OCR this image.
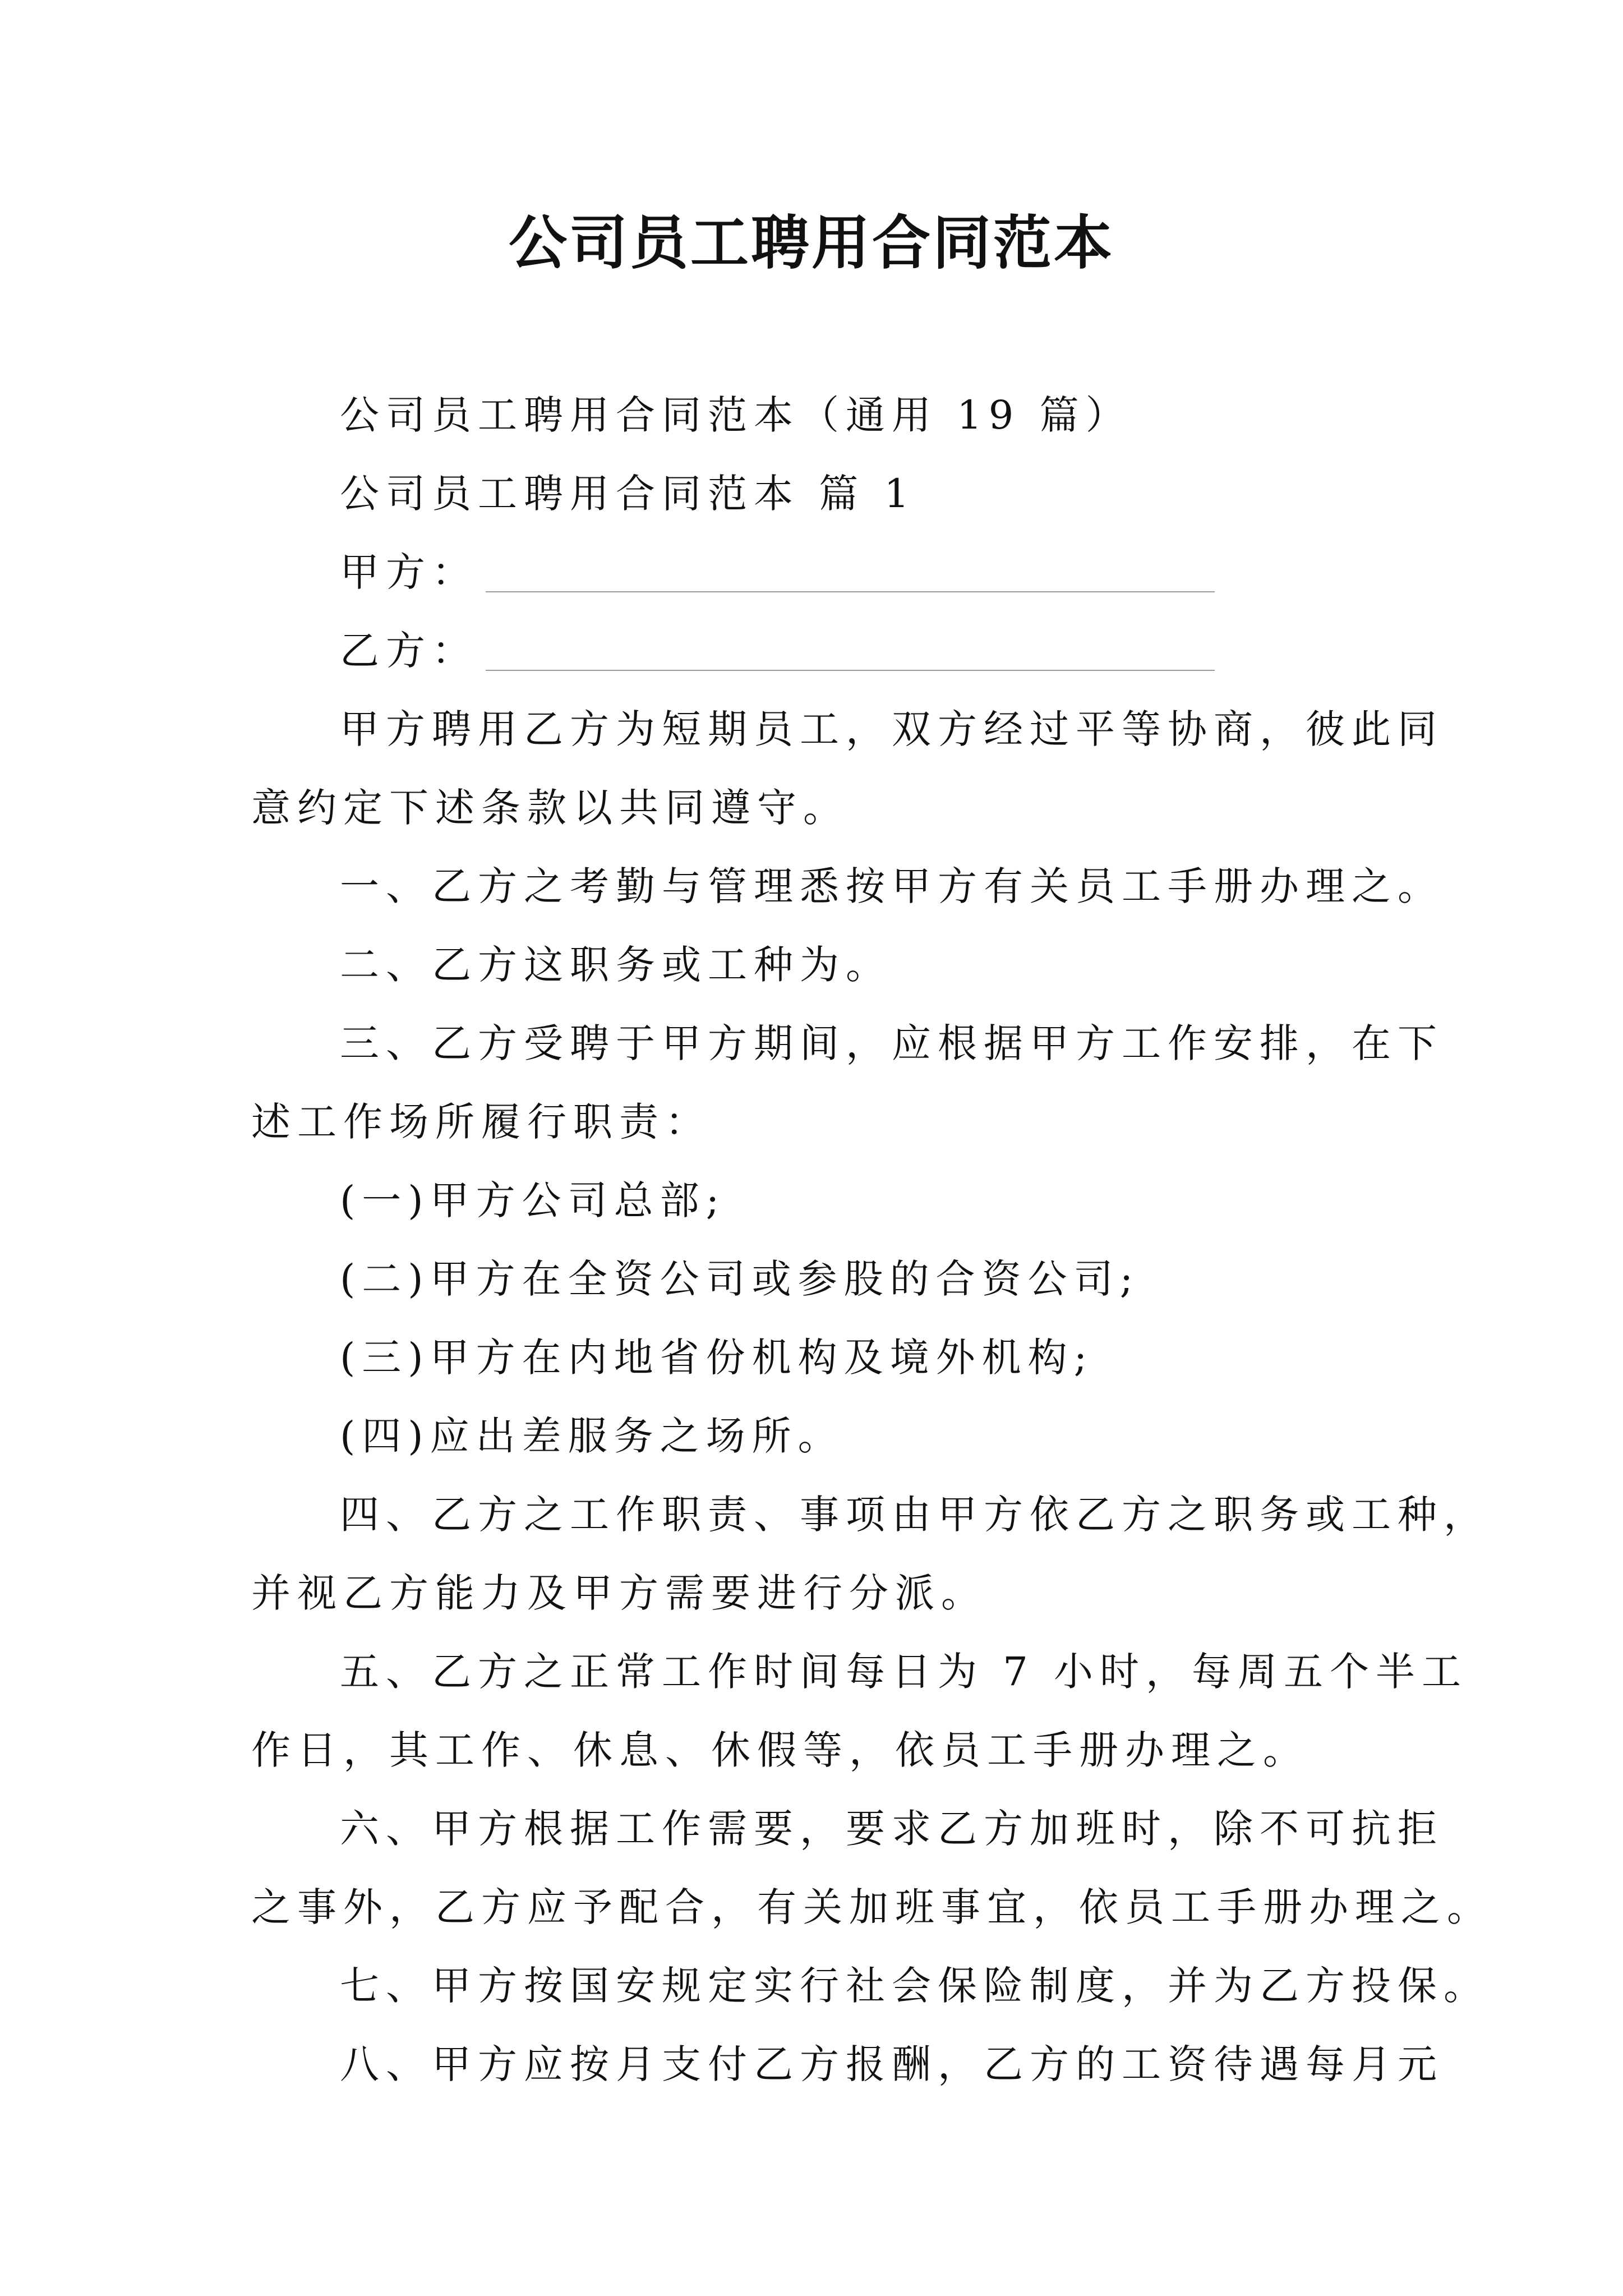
公司员工聘用合同范本

公司员工聘用合同范本（通用 19 篇）

公司员工聘用合同范本 篇 1

甲方：
乙方：

甲方聘用乙方为短期员工，双方经过平等协商，彼此同

意约定下述条款以共同遵守。

一、乙方之考勤与管理悉按甲方有关员工手册办理之。

二、乙方这职务或工种为。

三、乙方受聘于甲方期间，应根据甲方工作安排，在下

述工作场所履行职责：

(一)甲方公司总部;

(二)甲方在全资公司或参股的合资公司;

(三)甲方在内地省份机构及境外机构;

(四)应出差服务之场所。

四、乙方之工作职责、事项由甲方依乙方之职务或工种，

并视乙方能力及甲方需要进行分派。

五、乙方之正常工作时间每日为 7 小时，每周五个半工

作日，其工作、休息、休假等，依员工手册办理之。

六、甲方根据工作需要，要求乙方加班时，除不可抗拒

之事外，乙方应予配合，有关加班事宜，依员工手册办理之。

七、甲方按国安规定实行社会保险制度，并为乙方投保。

八、甲方应按月支付乙方报酬，乙方的工资待遇每月元
